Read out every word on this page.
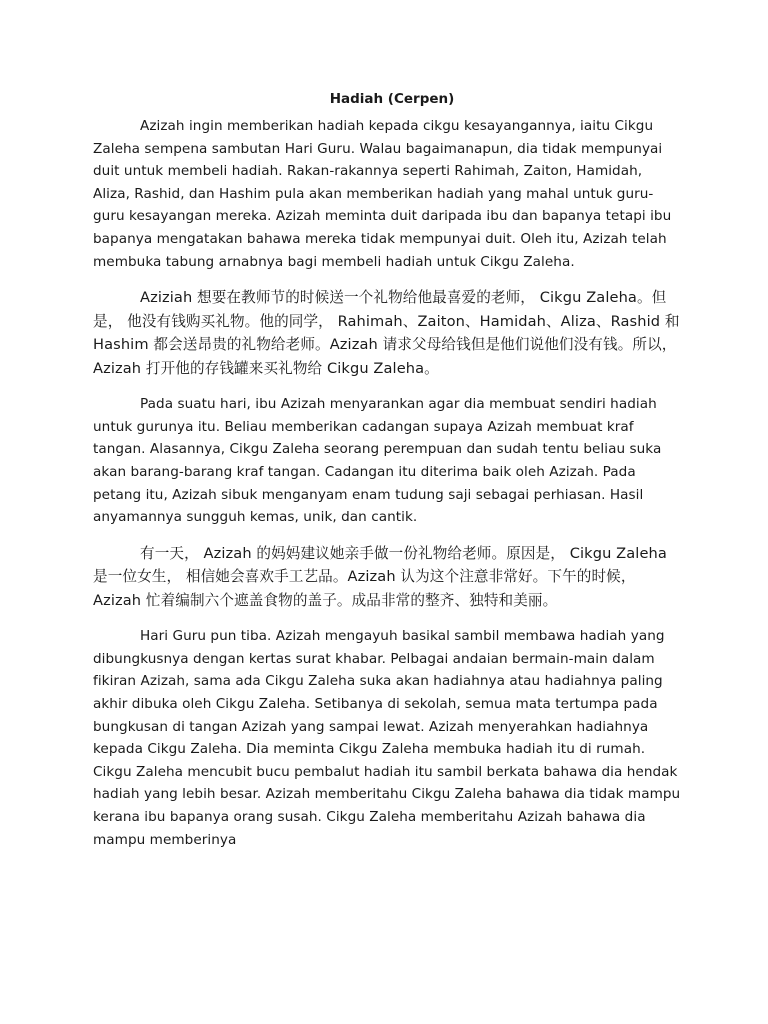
Hadiah (Cerpen)

Azizah ingin memberikan hadiah kepada cikgu kesayangannya, iaitu Cikgu Zaleha sempena sambutan Hari Guru. Walau bagaimanapun, dia tidak mempunyai duit untuk membeli hadiah. Rakan-rakannya seperti Rahimah, Zaiton, Hamidah, Aliza, Rashid, dan Hashim pula akan memberikan hadiah yang mahal untuk guru-guru kesayangan mereka. Azizah meminta duit daripada ibu dan bapanya tetapi ibu bapanya mengatakan bahawa mereka tidak mempunyai duit. Oleh itu, Azizah telah membuka tabung arnabnya bagi membeli hadiah untuk Cikgu Zaleha.

Aziziah 想要在教师节的时候送一个礼物给他最喜爱的老师， Cikgu Zaleha。但是， 他没有钱购买礼物。他的同学， Rahimah、Zaiton、Hamidah、Aliza、Rashid 和 Hashim 都会送昂贵的礼物给老师。Azizah 请求父母给钱但是他们说他们没有钱。所以， Azizah 打开他的存钱罐来买礼物给 Cikgu Zaleha。

Pada suatu hari, ibu Azizah menyarankan agar dia membuat sendiri hadiah untuk gurunya itu. Beliau memberikan cadangan supaya Azizah membuat kraf tangan. Alasannya, Cikgu Zaleha seorang perempuan dan sudah tentu beliau suka akan barang-barang kraf tangan. Cadangan itu diterima baik oleh Azizah. Pada petang itu, Azizah sibuk menganyam enam tudung saji sebagai perhiasan. Hasil anyamannya sungguh kemas, unik, dan cantik.

有一天， Azizah 的妈妈建议她亲手做一份礼物给老师。原因是， Cikgu Zaleha 是一位女生， 相信她会喜欢手工艺品。Azizah 认为这个注意非常好。下午的时候， Azizah 忙着编制六个遮盖食物的盖子。成品非常的整齐、独特和美丽。

Hari Guru pun tiba. Azizah mengayuh basikal sambil membawa hadiah yang dibungkusnya dengan kertas surat khabar. Pelbagai andaian bermain-main dalam fikiran Azizah, sama ada Cikgu Zaleha suka akan hadiahnya atau hadiahnya paling akhir dibuka oleh Cikgu Zaleha. Setibanya di sekolah, semua mata tertumpa pada bungkusan di tangan Azizah yang sampai lewat. Azizah menyerahkan hadiahnya kepada Cikgu Zaleha. Dia meminta Cikgu Zaleha membuka hadiah itu di rumah. Cikgu Zaleha mencubit bucu pembalut hadiah itu sambil berkata bahawa dia hendak hadiah yang lebih besar. Azizah memberitahu Cikgu Zaleha bahawa dia tidak mampu kerana ibu bapanya orang susah. Cikgu Zaleha memberitahu Azizah bahawa dia mampu memberinya
